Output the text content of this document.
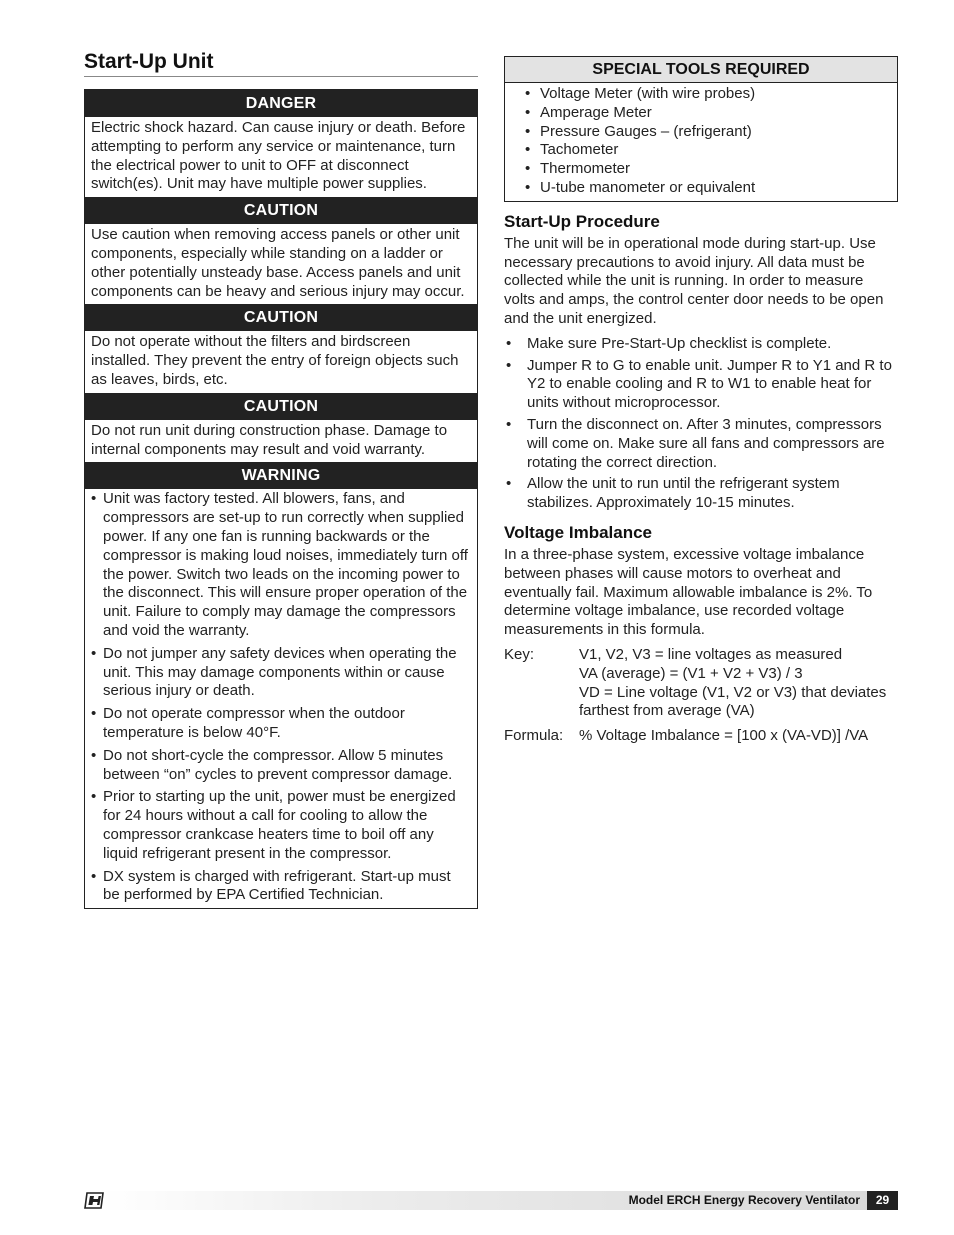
Start-Up Unit
DANGER
Electric shock hazard. Can cause injury or death. Before attempting to perform any service or maintenance, turn the electrical power to unit to OFF at disconnect switch(es). Unit may have multiple power supplies.
CAUTION
Use caution when removing access panels or other unit components, especially while standing on a ladder or other potentially unsteady base. Access panels and unit components can be heavy and serious injury may occur.
CAUTION
Do not operate without the filters and birdscreen installed. They prevent the entry of foreign objects such as leaves, birds, etc.
CAUTION
Do not run unit during construction phase. Damage to internal components may result and void warranty.
WARNING
• Unit was factory tested. All blowers, fans, and compressors are set-up to run correctly when supplied power. If any one fan is running backwards or the compressor is making loud noises, immediately turn off the power. Switch two leads on the incoming power to the disconnect. This will ensure proper operation of the unit. Failure to comply may damage the compressors and void the warranty.
• Do not jumper any safety devices when operating the unit. This may damage components within or cause serious injury or death.
• Do not operate compressor when the outdoor temperature is below 40°F.
• Do not short-cycle the compressor. Allow 5 minutes between “on” cycles to prevent compressor damage.
• Prior to starting up the unit, power must be energized for 24 hours without a call for cooling to allow the compressor crankcase heaters time to boil off any liquid refrigerant present in the compressor.
• DX system is charged with refrigerant. Start-up must be performed by EPA Certified Technician.
SPECIAL TOOLS REQUIRED
• Voltage Meter (with wire probes)
• Amperage Meter
• Pressure Gauges – (refrigerant)
• Tachometer
• Thermometer
• U-tube manometer or equivalent
Start-Up Procedure

The unit will be in operational mode during start-up. Use necessary precautions to avoid injury. All data must be collected while the unit is running. In order to measure volts and amps, the control center door needs to be open and the unit energized.

• Make sure Pre-Start-Up checklist is complete.
• Jumper R to G to enable unit. Jumper R to Y1 and R to Y2 to enable cooling and R to W1 to enable heat for units without microprocessor.
• Turn the disconnect on. After 3 minutes, compressors will come on. Make sure all fans and compressors are rotating the correct direction.
• Allow the unit to run until the refrigerant system stabilizes. Approximately 10-15 minutes.
Voltage Imbalance

In a three-phase system, excessive voltage imbalance between phases will cause motors to overheat and eventually fail. Maximum allowable imbalance is 2%. To determine voltage imbalance, use recorded voltage measurements in this formula.

Key:	V1, V2, V3 = line voltages as measured
VA (average) = (V1 + V2 + V3) / 3
VD = Line voltage (V1, V2 or V3) that deviates farthest from average (VA)
Formula:	% Voltage Imbalance = [100 x (VA-VD)] /VA
Model ERCH Energy Recovery Ventilator	29
